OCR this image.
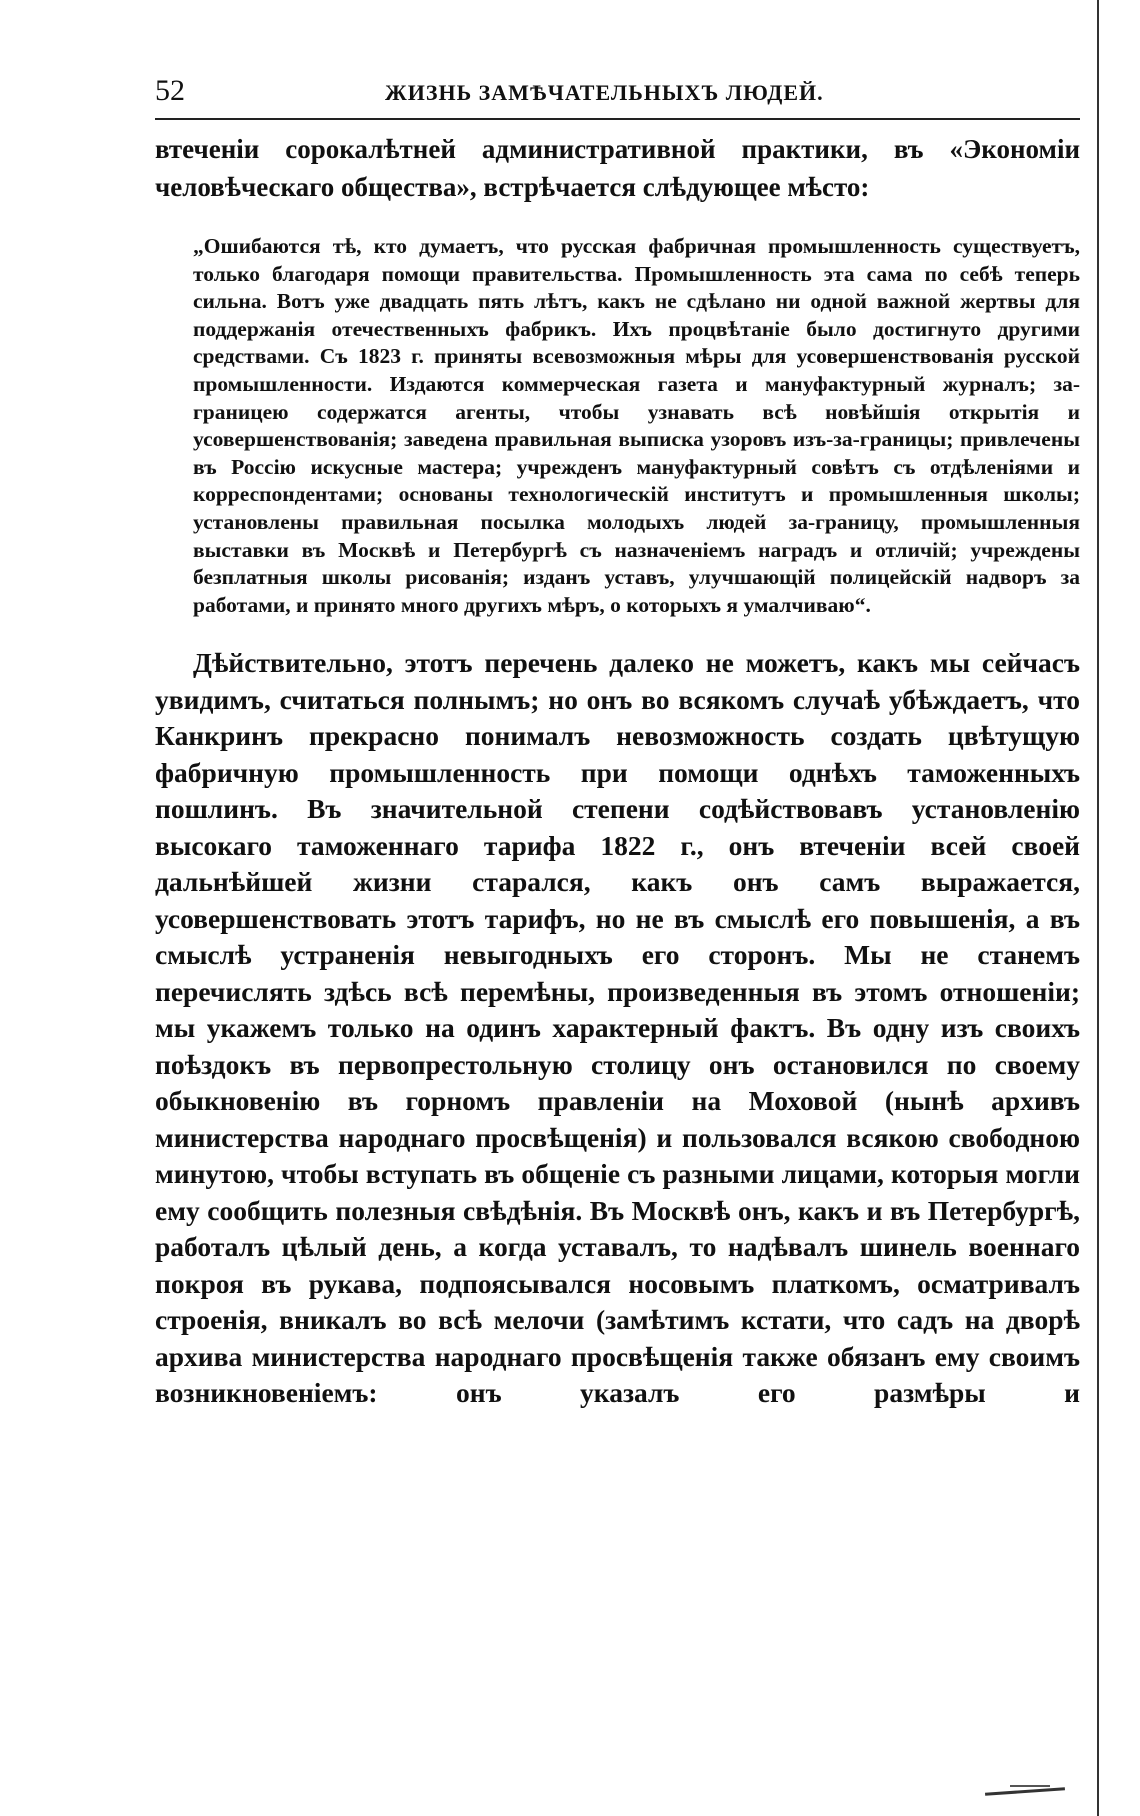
52	ЖИЗНЬ ЗАМѢЧАТЕЛЬНЫХЪ ЛЮДЕЙ.

втеченіи сорокалѣтней административной практики, въ «Экономіи человѣческаго общества», встрѣчается слѣдующее мѣсто:

„Ошибаются тѣ, кто думаетъ, что русская фабричная промышленность существуетъ, только благодаря помощи правительства. Промышленность эта сама по себѣ теперь сильна. Вотъ уже двадцать пять лѣтъ, какъ не сдѣлано ни одной важной жертвы для поддержанія отечественныхъ фабрикъ. Ихъ процвѣтаніе было достигнуто другими средствами. Съ 1823 г. приняты всевозможныя мѣры для усовершенствованія русской промышленности. Издаются коммерческая газета и мануфактурный журналъ; за-границею содержатся агенты, чтобы узнавать всѣ новѣйшія открытія и усовершенствованія; заведена правильная выписка узоровъ изъ-за-границы; привлечены въ Россію искусные мастера; учрежденъ мануфактурный совѣтъ съ отдѣленіями и корреспондентами; основаны технологическій институтъ и промышленныя школы; установлены правильная посылка молодыхъ людей за-границу, промышленныя выставки въ Москвѣ и Петербургѣ съ назначеніемъ наградъ и отличій; учреждены безплатныя школы рисованія; изданъ уставъ, улучшающій полицейскій надворъ за работами, и принято много другихъ мѣръ, о которыхъ я умалчиваю“.

Дѣйствительно, этотъ перечень далеко не можетъ, какъ мы сейчасъ увидимъ, считаться полнымъ; но онъ во всякомъ случаѣ убѣждаетъ, что Канкринъ прекрасно понималъ невозможность создать цвѣтущую фабричную промышленность при помощи однѣхъ таможенныхъ пошлинъ. Въ значительной степени содѣйствовавъ установленію высокаго таможеннаго тарифа 1822 г., онъ втеченіи всей своей дальнѣйшей жизни старался, какъ онъ самъ выражается, усовершенствовать этотъ тарифъ, но не въ смыслѣ его повышенія, а въ смыслѣ устраненія невыгодныхъ его сторонъ. Мы не станемъ перечислять здѣсь всѣ перемѣны, произведенныя въ этомъ отношеніи; мы укажемъ только на одинъ характерный фактъ. Въ одну изъ своихъ поѣздокъ въ первопрестольную столицу онъ остановился по своему обыкновенію въ горномъ правленіи на Моховой (нынѣ архивъ министерства народнаго просвѣщенія) и пользовался всякою свободною минутою, чтобы вступать въ общеніе съ разными лицами, которыя могли ему сообщить полезныя свѣдѣнія. Въ Москвѣ онъ, какъ и въ Петербургѣ, работалъ цѣлый день, а когда уставалъ, то надѣвалъ шинель военнаго покроя въ рукава, подпоясывался носовымъ платкомъ, осматривалъ строенія, вникалъ во всѣ мелочи (замѣтимъ кстати, что садъ на дворѣ архива министерства народнаго просвѣщенія также обязанъ ему своимъ возникновеніемъ: онъ указалъ его размѣры и
